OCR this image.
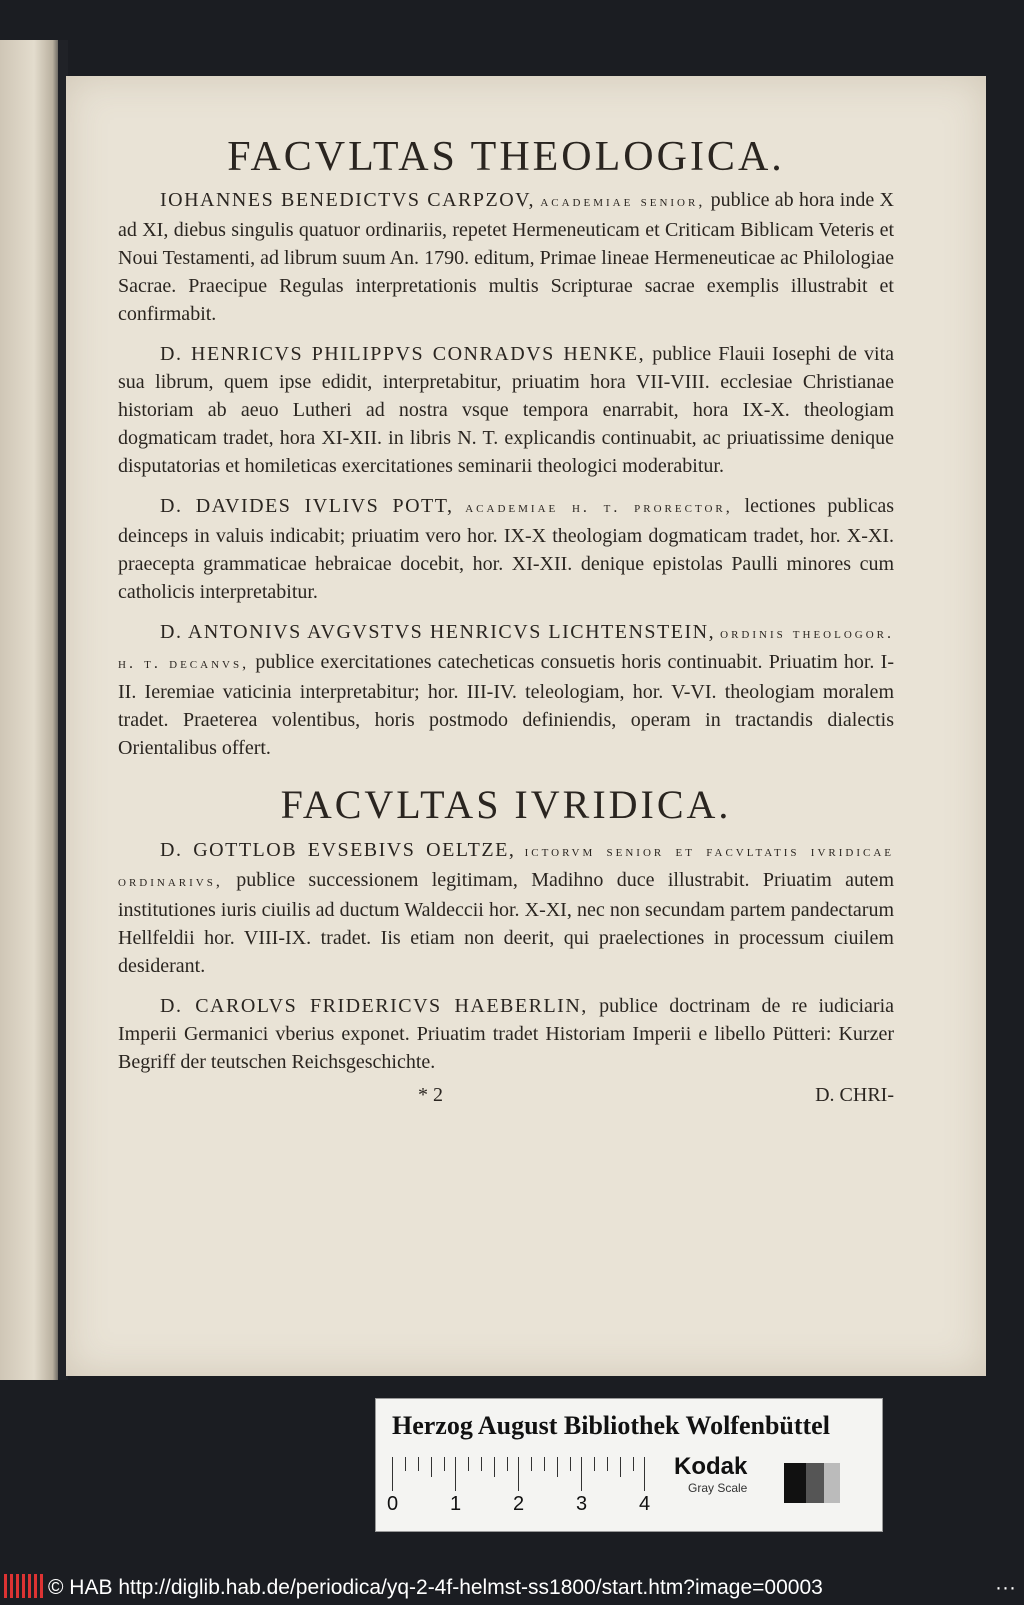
FACVLTAS THEOLOGICA.

IOHANNES BENEDICTVS CARPZOV, academiae senior, publice ab hora inde X ad XI, diebus singulis quatuor ordinariis, repetet Hermeneuticam et Criticam Biblicam Veteris et Noui Testamenti, ad librum suum An. 1790. editum, Primae lineae Hermeneuticae ac Philologiae Sacrae. Praecipue Regulas interpretationis multis Scripturae sacrae exemplis illustrabit et confirmabit.

D. HENRICVS PHILIPPVS CONRADVS HENKE, publice Flauii Iosephi de vita sua librum, quem ipse edidit, interpretabitur, priuatim hora VII-VIII. ecclesiae Christianae historiam ab aeuo Lutheri ad nostra vsque tempora enarrabit, hora IX-X. theologiam dogmaticam tradet, hora XI-XII. in libris N. T. explicandis continuabit, ac priuatissime denique disputatorias et homileticas exercitationes seminarii theologici moderabitur.

D. DAVIDES IVLIVS POTT, academiae h. t. prorector, lectiones publicas deinceps in valuis indicabit; priuatim vero hor. IX-X theologiam dogmaticam tradet, hor. X-XI. praecepta grammaticae hebraicae docebit, hor. XI-XII. denique epistolas Paulli minores cum catholicis interpretabitur.

D. ANTONIVS AVGVSTVS HENRICVS LICHTENSTEIN, ordinis theologor. h. t. decanvs, publice exercitationes catecheticas consuetis horis continuabit. Priuatim hor. I-II. Ieremiae vaticinia interpretabitur; hor. III-IV. teleologiam, hor. V-VI. theologiam moralem tradet. Praeterea volentibus, horis postmodo definiendis, operam in tractandis dialectis Orientalibus offert.

FACVLTAS IVRIDICA.

D. GOTTLOB EVSEBIVS OELTZE, ictorvm senior et facvltatis ivridicae ordinarivs, publice successionem legitimam, Madihno duce illustrabit. Priuatim autem institutiones iuris ciuilis ad ductum Waldeccii hor. X-XI, nec non secundam partem pandectarum Hellfeldii hor. VIII-IX. tradet. Iis etiam non deerit, qui praelectiones in processum ciuilem desiderant.

D. CAROLVS FRIDERICVS HAEBERLIN, publice doctrinam de re iudiciaria Imperii Germanici vberius exponet. Priuatim tradet Historiam Imperii e libello Pütteri: Kurzer Begriff der teutschen Reichsgeschichte.

* 2	D. CHRI-
Herzog August Bibliothek Wolfenbüttel
0	1	2	3	4
Kodak
Gray Scale
© HAB http://diglib.hab.de/periodica/yq-2-4f-helmst-ss1800/start.htm?image=00003	···
